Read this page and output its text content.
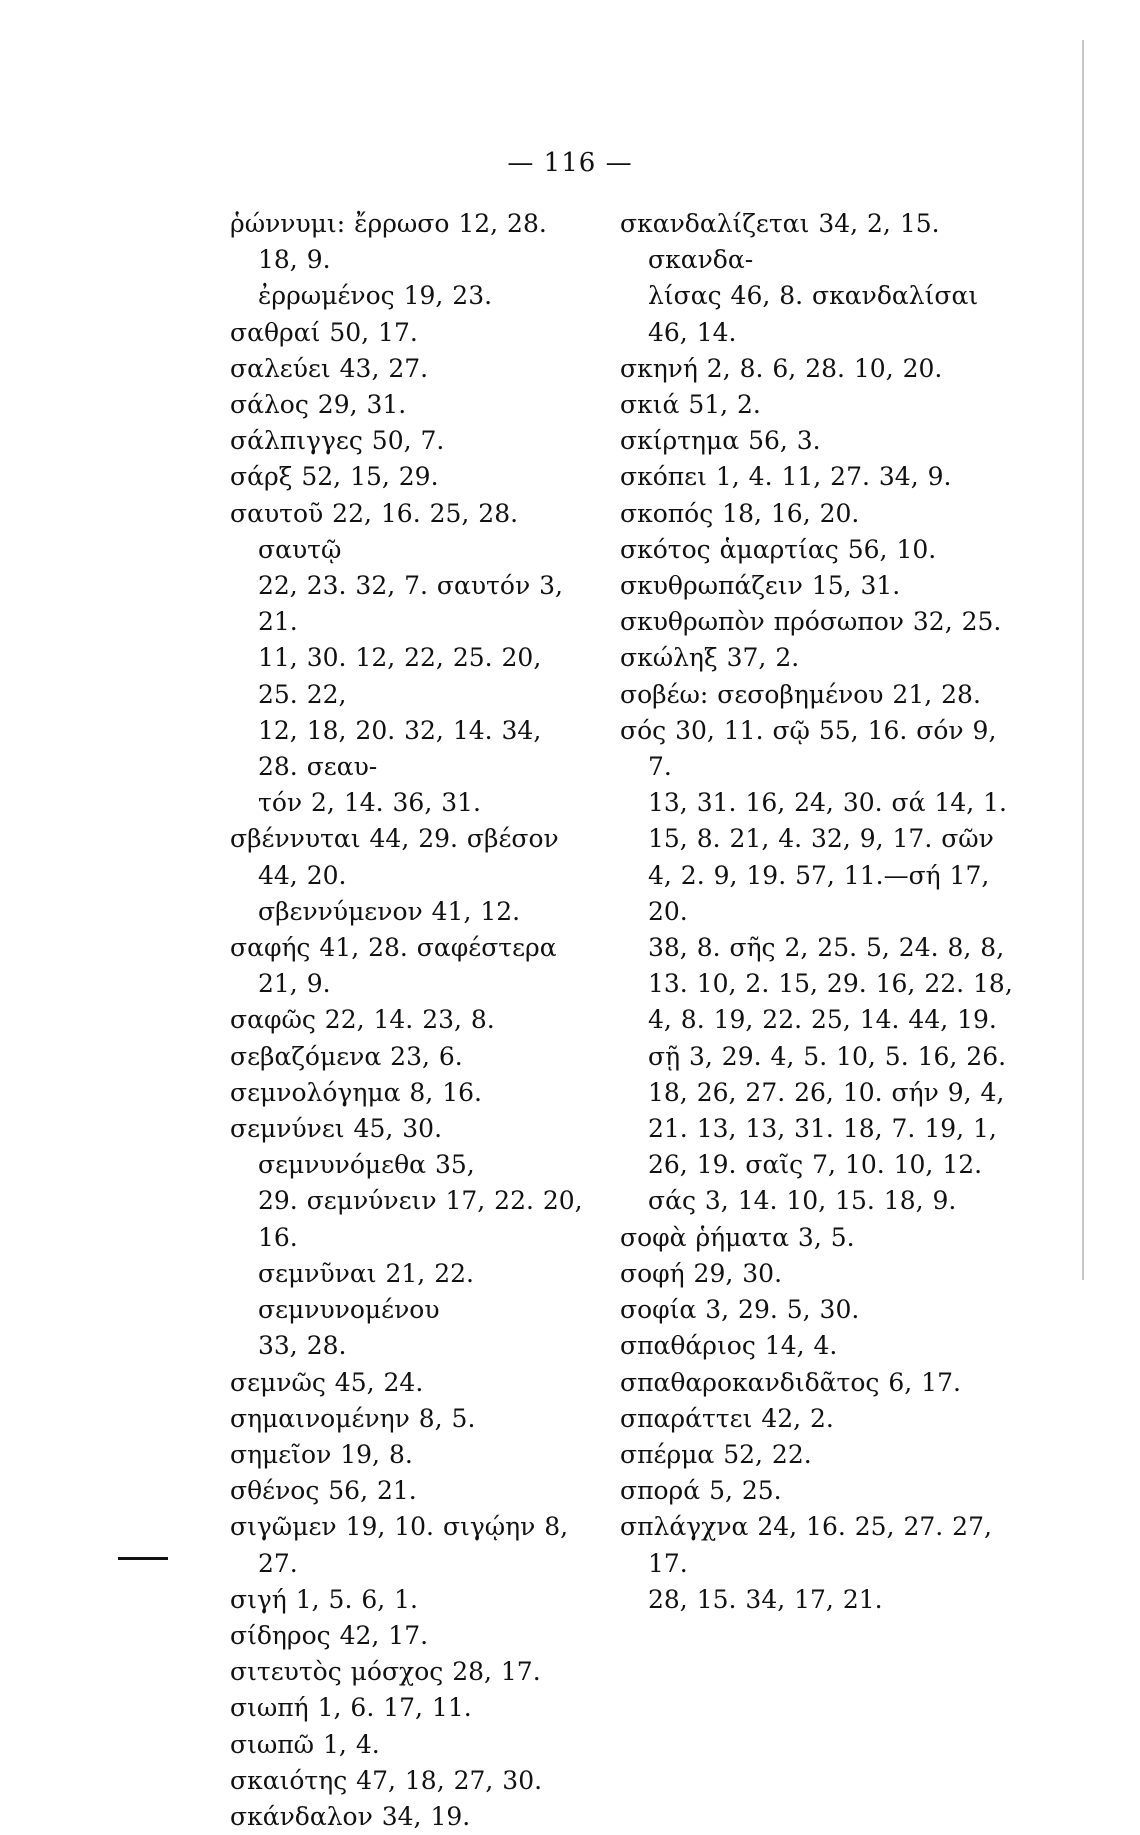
— 116 —
ῥώννυμι: ἔρρωσο 12, 28. 18, 9.
ἐρρωμένος 19, 23.
σαθραί 50, 17.
σαλεύει 43, 27.
σάλος 29, 31.
σάλπιγγες 50, 7.
σάρξ 52, 15, 29.
σαυτοῦ 22, 16. 25, 28. σαυτῷ
22, 23. 32, 7. σαυτόν 3, 21.
11, 30. 12, 22, 25. 20, 25. 22,
12, 18, 20. 32, 14. 34, 28. σεαυ-
τόν 2, 14. 36, 31.
σβέννυται 44, 29. σβέσον 44, 20.
σβεννύμενον 41, 12.
σαφής 41, 28. σαφέστερα 21, 9.
σαφῶς 22, 14. 23, 8.
σεβαζόμενα 23, 6.
σεμνολόγημα 8, 16.
σεμνύνει 45, 30. σεμνυνόμεθα 35,
29. σεμνύνειν 17, 22. 20, 16.
σεμνῦναι 21, 22. σεμνυνομένου
33, 28.
σεμνῶς 45, 24.
σημαινομένην 8, 5.
σημεῖον 19, 8.
σθένος 56, 21.
σιγῶμεν 19, 10. σιγῴην 8, 27.
σιγή 1, 5. 6, 1.
σίδηρος 42, 17.
σιτευτὸς μόσχος 28, 17.
σιωπή 1, 6. 17, 11.
σιωπῶ 1, 4.
σκαιότης 47, 18, 27, 30.
σκάνδαλον 34, 19.
σκανδαλίζεται 34, 2, 15. σκανδα-
λίσας 46, 8. σκανδαλίσαι 46, 14.
σκηνή 2, 8. 6, 28. 10, 20.
σκιά 51, 2.
σκίρτημα 56, 3.
σκόπει 1, 4. 11, 27. 34, 9.
σκοπός 18, 16, 20.
σκότος ἁμαρτίας 56, 10.
σκυθρωπάζειν 15, 31.
σκυθρωπὸν πρόσωπον 32, 25.
σκώληξ 37, 2.
σοβέω: σεσοβημένου 21, 28.
σός 30, 11. σῷ 55, 16. σόν 9, 7.
13, 31. 16, 24, 30. σά 14, 1.
15, 8. 21, 4. 32, 9, 17. σῶν
4, 2. 9, 19. 57, 11.—σή 17, 20.
38, 8. σῆς 2, 25. 5, 24. 8, 8,
13. 10, 2. 15, 29. 16, 22. 18,
4, 8. 19, 22. 25, 14. 44, 19.
σῇ 3, 29. 4, 5. 10, 5. 16, 26.
18, 26, 27. 26, 10. σήν 9, 4,
21. 13, 13, 31. 18, 7. 19, 1,
26, 19. σαῖς 7, 10. 10, 12.
σάς 3, 14. 10, 15. 18, 9.
σοφὰ ῥήματα 3, 5.
σοφή 29, 30.
σοφία 3, 29. 5, 30.
σπαθάριος 14, 4.
σπαθαροκανδιδᾶτος 6, 17.
σπαράττει 42, 2.
σπέρμα 52, 22.
σπορά 5, 25.
σπλάγχνα 24, 16. 25, 27. 27, 17.
28, 15. 34, 17, 21.
